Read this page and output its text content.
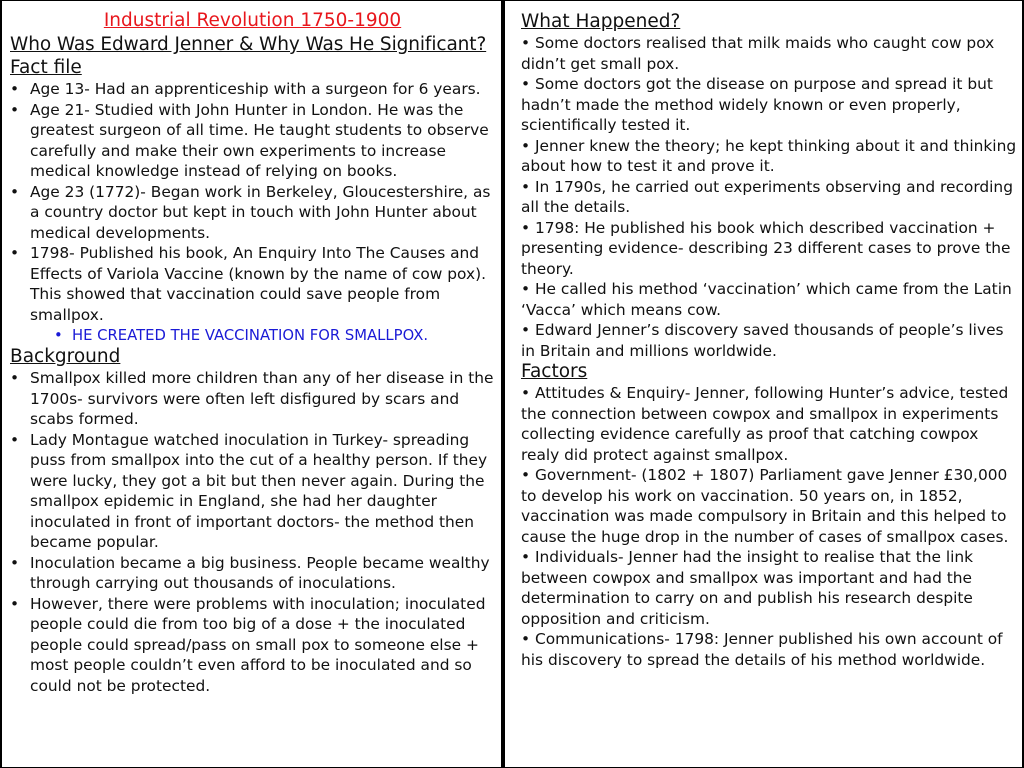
Industrial Revolution 1750-1900
Who Was Edward Jenner & Why Was He Significant?
Fact file
• Age 13- Had an apprenticeship with a surgeon for 6 years.
• Age 21- Studied with John Hunter in London. He was the greatest surgeon of all time. He taught students to observe carefully and make their own experiments to increase medical knowledge instead of relying on books.
• Age 23 (1772)- Began work in Berkeley, Gloucestershire, as a country doctor but kept in touch with John Hunter about medical developments.
• 1798- Published his book, An Enquiry Into The Causes and Effects of Variola Vaccine (known by the name of cow pox). This showed that vaccination could save people from smallpox.
• HE CREATED THE VACCINATION FOR SMALLPOX.
Background
• Smallpox killed more children than any of her disease in the 1700s- survivors were often left disfigured by scars and scabs formed.
• Lady Montague watched inoculation in Turkey- spreading puss from smallpox into the cut of a healthy person. If they were lucky, they got a bit but then never again. During the smallpox epidemic in England, she had her daughter inoculated in front of important doctors- the method then became popular.
• Inoculation became a big business. People became wealthy through carrying out thousands of inoculations.
• However, there were problems with inoculation; inoculated people could die from too big of a dose + the inoculated people could spread/pass on small pox to someone else + most people couldn’t even afford to be inoculated and so could not be protected.
What Happened?
• Some doctors realised that milk maids who caught cow pox didn’t get small pox.
• Some doctors got the disease on purpose and spread it but hadn’t made the method widely known or even properly, scientifically tested it.
• Jenner knew the theory; he kept thinking about it and thinking about how to test it and prove it.
• In 1790s, he carried out experiments observing and recording all the details.
• 1798: He published his book which described vaccination + presenting evidence- describing 23 different cases to prove the theory.
• He called his method ‘vaccination’ which came from the Latin ‘Vacca’ which means cow.
• Edward Jenner’s discovery saved thousands of people’s lives in Britain and millions worldwide.
Factors
• Attitudes & Enquiry- Jenner, following Hunter’s advice, tested the connection between cowpox and smallpox in experiments collecting evidence carefully as proof that catching cowpox realy did protect against smallpox.
• Government- (1802 + 1807) Parliament gave Jenner £30,000 to develop his work on vaccination. 50 years on, in 1852, vaccination was made compulsory in Britain and this helped to cause the huge drop in the number of cases of smallpox cases.
• Individuals- Jenner had the insight to realise that the link between cowpox and smallpox was important and had the determination to carry on and publish his research despite opposition and criticism.
• Communications- 1798: Jenner published his own account of his discovery to spread the details of his method worldwide.
